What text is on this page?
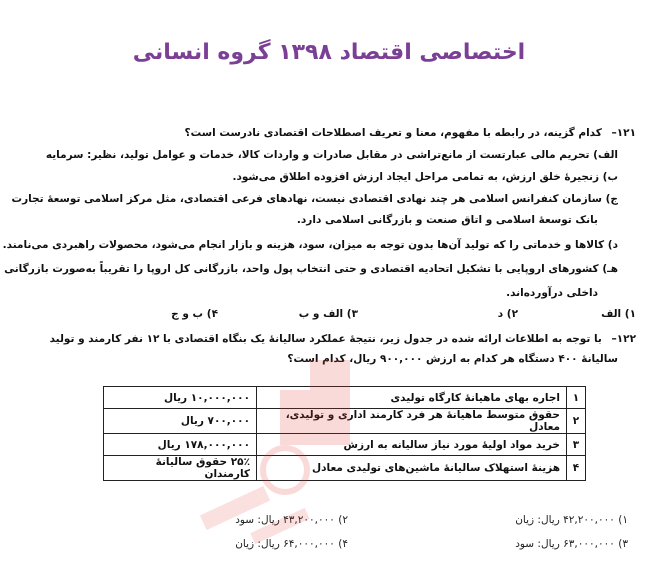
اختصاصی اقتصاد ۱۳۹۸ گروه انسانی
۱۲۱– کدام گزینه، در رابطه با مفهوم، معنا و تعریف اصطلاحات اقتصادی نادرست است؟
الف) تحریم مالی عبارتست از مانع‌تراشی در مقابل صادرات و واردات کالا، خدمات و عوامل تولید، نظیر: سرمایه
ب) زنجیرهٔ خلق ارزش، به تمامی مراحل ایجاد ارزش افزوده اطلاق می‌شود.
ج) سازمان کنفرانس اسلامی هر چند نهادی اقتصادی نیست، نهادهای فرعی اقتصادی، مثل مرکز اسلامی توسعهٔ تجارت
بانک توسعهٔ اسلامی و اتاق صنعت و بازرگانی اسلامی دارد.
د) کالاها و خدماتی را که تولید آن‌ها بدون توجه به میزان، سود، هزینه و بازار انجام می‌شود، محصولات راهبردی می‌نامند.
هـ) کشورهای اروپایی با تشکیل اتحادیه اقتصادی و حتی انتخاب پول واحد، بازرگانی کل اروپا را تقریباً به‌صورت بازرگانی
داخلی درآورده‌اند.
۱) الف
۲) د
۳) الف و ب
۴) ب و ج
۱۲۲– با توجه به اطلاعات ارائه شده در جدول زیر، نتیجهٔ عملکرد سالیانهٔ یک بنگاه اقتصادی با ۱۲ نفر کارمند و تولید
سالیانهٔ ۴۰۰ دستگاه هر کدام به ارزش ۹۰۰,۰۰۰ ریال، کدام است؟
۱	اجاره بهای ماهیانهٔ کارگاه تولیدی	۱۰,۰۰۰,۰۰۰ ریال
۲	حقوق متوسط ماهیانهٔ هر فرد کارمند اداری و تولیدی، معادل	۷۰۰,۰۰۰ ریال
۳	خرید مواد اولیهٔ مورد نیاز سالیانه به ارزش	۱۷۸,۰۰۰,۰۰۰ ریال
۴	هزینهٔ استهلاک سالیانهٔ ماشین‌های تولیدی معادل	۲۵٪ حقوق سالیانهٔ کارمندان
۱) ۴۲,۲۰۰,۰۰۰ ریال: زیان
۲) ۴۳,۲۰۰,۰۰۰ ریال: سود
۳) ۶۳,۰۰۰,۰۰۰ ریال: سود
۴) ۶۴,۰۰۰,۰۰۰ ریال: زیان
